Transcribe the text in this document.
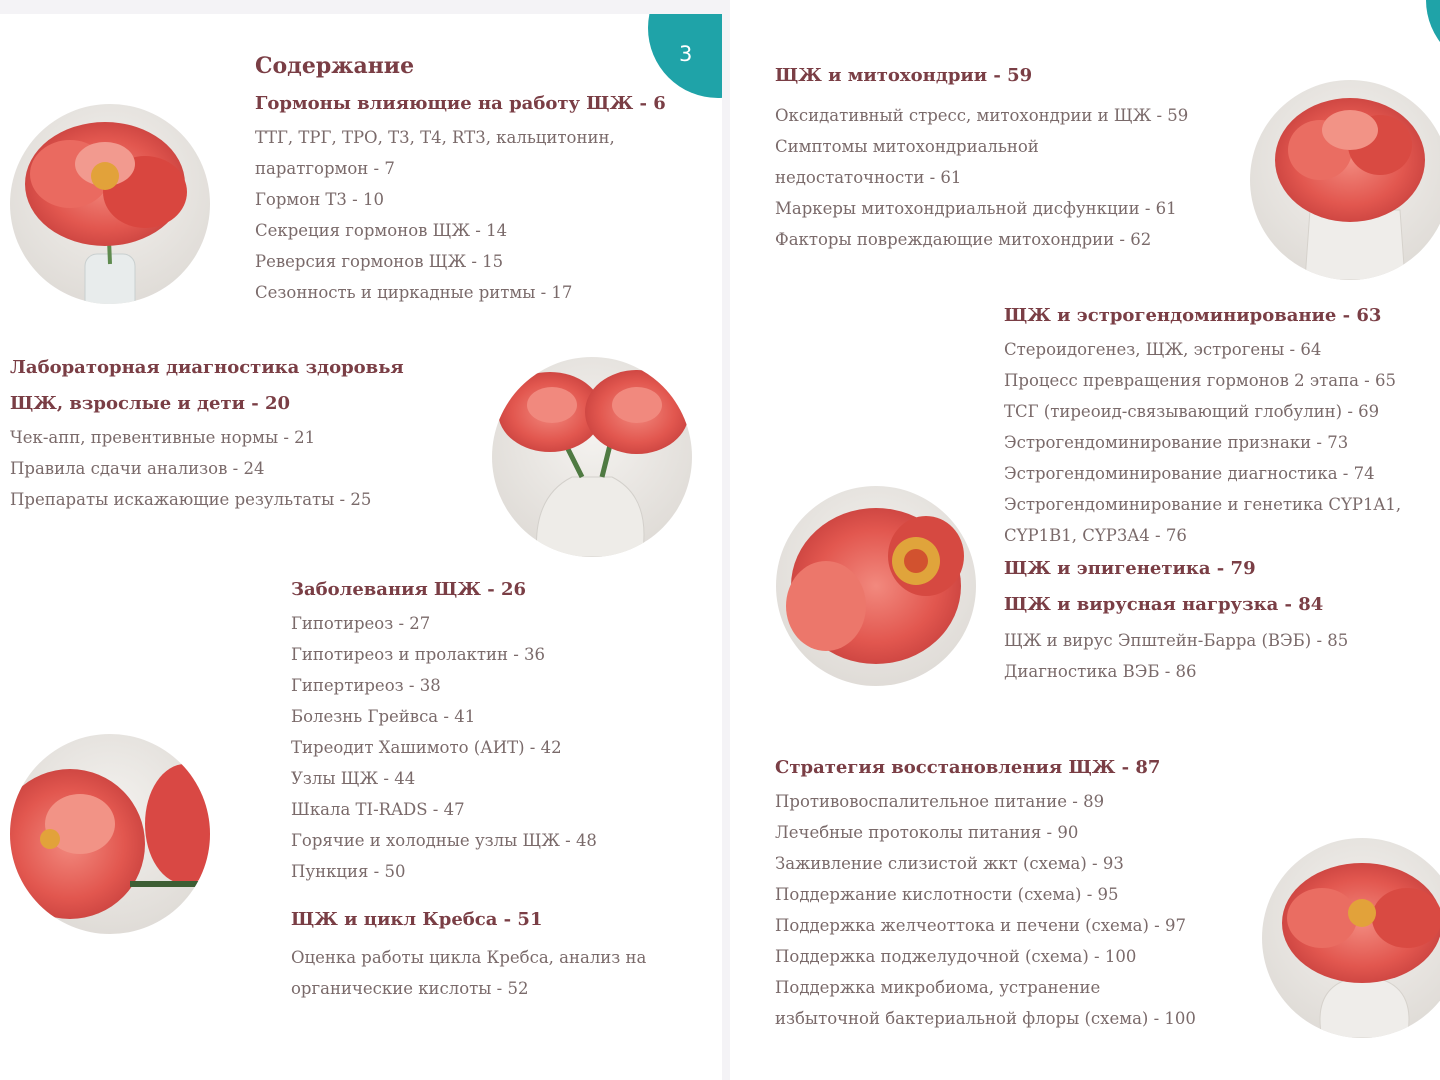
3
Содержание
Гормоны влияющие на работу ЩЖ - 6
ТТГ, ТРГ, ТРО, Т3, Т4, RT3, кальцитонин,
паратгормон - 7
Гормон Т3 - 10
Секреция гормонов ЩЖ - 14
Реверсия гормонов ЩЖ - 15
Сезонность и циркадные ритмы - 17
Лабораторная диагностика здоровья
ЩЖ, взрослые и дети - 20
Чек-апп, превентивные нормы - 21
Правила сдачи анализов - 24
Препараты искажающие результаты - 25
Заболевания ЩЖ - 26
Гипотиреоз - 27
Гипотиреоз и пролактин - 36
Гипертиреоз - 38
Болезнь Грейвса - 41
Тиреодит Хашимото (АИТ) - 42
Узлы ЩЖ - 44
Шкала TI-RADS - 47
Горячие и холодные узлы ЩЖ - 48
Пункция - 50
ЩЖ и цикл Кребса - 51
Оценка работы цикла Кребса, анализ на
органические кислоты - 52
ЩЖ и митохондрии - 59
Оксидативный стресс, митохондрии и ЩЖ - 59
Симптомы митохондриальной
недостаточности - 61
Маркеры митохондриальной дисфункции - 61
Факторы повреждающие митохондрии - 62
ЩЖ и эстрогендоминирование - 63
Стероидогенез, ЩЖ, эстрогены - 64
Процесс превращения гормонов 2 этапа - 65
ТСГ (тиреоид-связывающий глобулин) - 69
Эстрогендоминирование признаки - 73
Эстрогендоминирование диагностика - 74
Эстрогендоминирование и генетика CYP1A1,
CYP1B1, CYP3A4 - 76
ЩЖ и эпигенетика - 79
ЩЖ и вирусная нагрузка - 84
ЩЖ и вирус Эпштейн-Барра (ВЭБ) - 85
Диагностика ВЭБ - 86
Стратегия восстановления ЩЖ - 87
Противовоспалительное питание - 89
Лечебные протоколы питания - 90
Заживление слизистой жкт (схема) - 93
Поддержание кислотности (схема) - 95
Поддержка желчеоттока и печени (схема) - 97
Поддержка поджелудочной (схема) - 100
Поддержка микробиома, устранение
избыточной бактериальной флоры (схема) - 100
